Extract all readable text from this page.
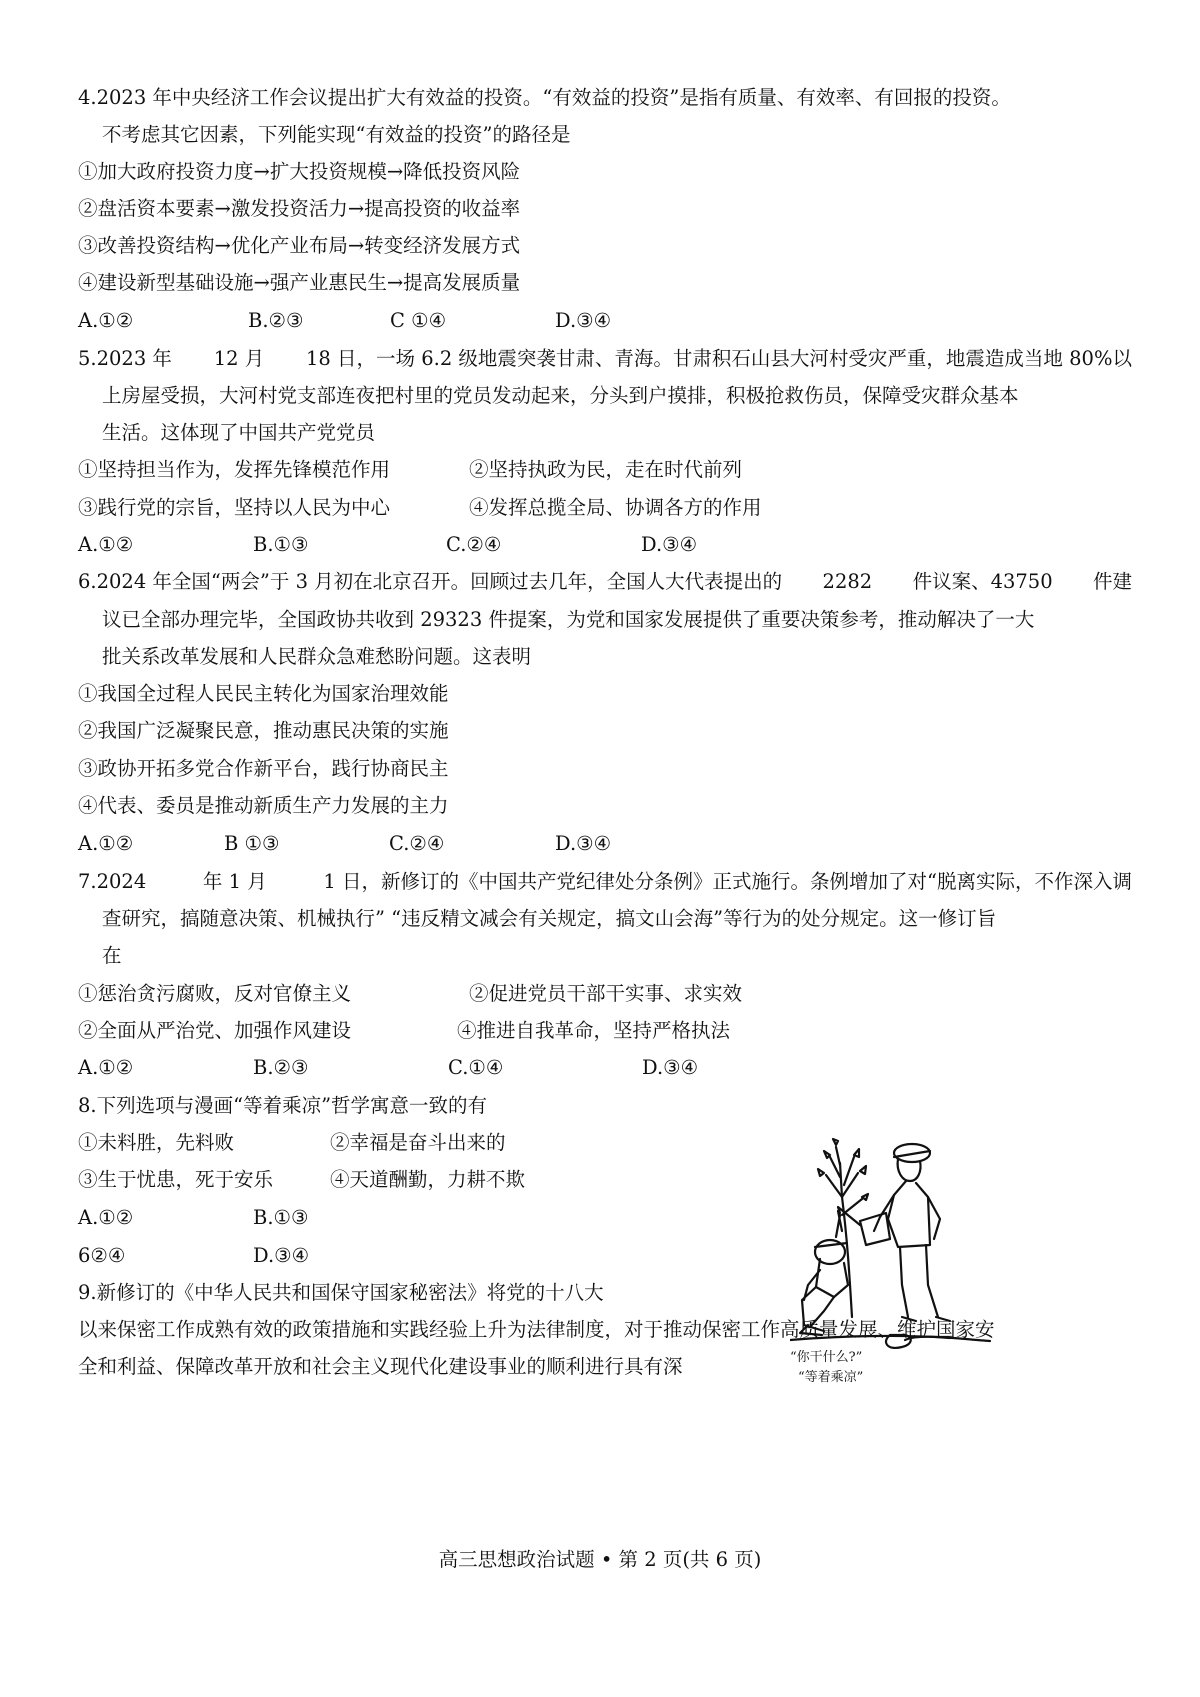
4.2023 年中央经济工作会议提出扩大有效益的投资。“有效益的投资”是指有质量、有效率、有回报的投资。
不考虑其它因素，下列能实现“有效益的投资”的路径是
①加大政府投资力度→扩大投资规模→降低投资风险
②盘活资本要素→激发投资活力→提高投资的收益率
③改善投资结构→优化产业布局→转变经济发展方式
④建设新型基础设施→强产业惠民生→提高发展质量
A.①②	B.②③	C ①④	D.③④
5.2023 年 12 月 18 日，一场 6.2 级地震突袭甘肃、青海。甘肃积石山县大河村受灾严重，地震造成当地 80%以
上房屋受损，大河村党支部连夜把村里的党员发动起来，分头到户摸排，积极抢救伤员，保障受灾群众基本
生活。这体现了中国共产党党员
①坚持担当作为，发挥先锋模范作用	②坚持执政为民，走在时代前列
③践行党的宗旨，坚持以人民为中心	④发挥总揽全局、协调各方的作用
A.①②	B.①③	C.②④	D.③④
6.2024 年全国“两会”于 3 月初在北京召开。回顾过去几年，全国人大代表提出的 2282 件议案、43750 件建
议已全部办理完毕，全国政协共收到 29323 件提案，为党和国家发展提供了重要决策参考，推动解决了一大
批关系改革发展和人民群众急难愁盼问题。这表明
①我国全过程人民民主转化为国家治理效能
②我国广泛凝聚民意，推动惠民决策的实施
③政协开拓多党合作新平台，践行协商民主
④代表、委员是推动新质生产力发展的主力
A.①②	B ①③	C.②④	D.③④
7.2024	年 1 月	1 日，新修订的《中国共产党纪律处分条例》正式施行。条例增加了对“脱离实际，不作深入调
查研究，搞随意决策、机械执行” “违反精文减会有关规定，搞文山会海”等行为的处分规定。这一修订旨
在
①惩治贪污腐败，反对官僚主义	②促进党员干部干实事、求实效
②全面从严治党、加强作风建设	④推进自我革命，坚持严格执法
A.①②	B.②③	C.①④	D.③④
8.下列选项与漫画“等着乘凉”哲学寓意一致的有
①未料胜，先料败	②幸福是奋斗出来的
③生于忧患，死于安乐	④天道酬勤，力耕不欺
A.①②	B.①③
6②④	D.③④
“你干什么?”
“等着乘凉”
9.新修订的《中华人民共和国保守国家秘密法》将党的十八大
以来保密工作成熟有效的政策措施和实践经验上升为法律制度，对于推动保密工作高质量发展、维护国家安
全和利益、保障改革开放和社会主义现代化建设事业的顺利进行具有深
高三思想政治试题 • 第 2 页(共 6 页)
